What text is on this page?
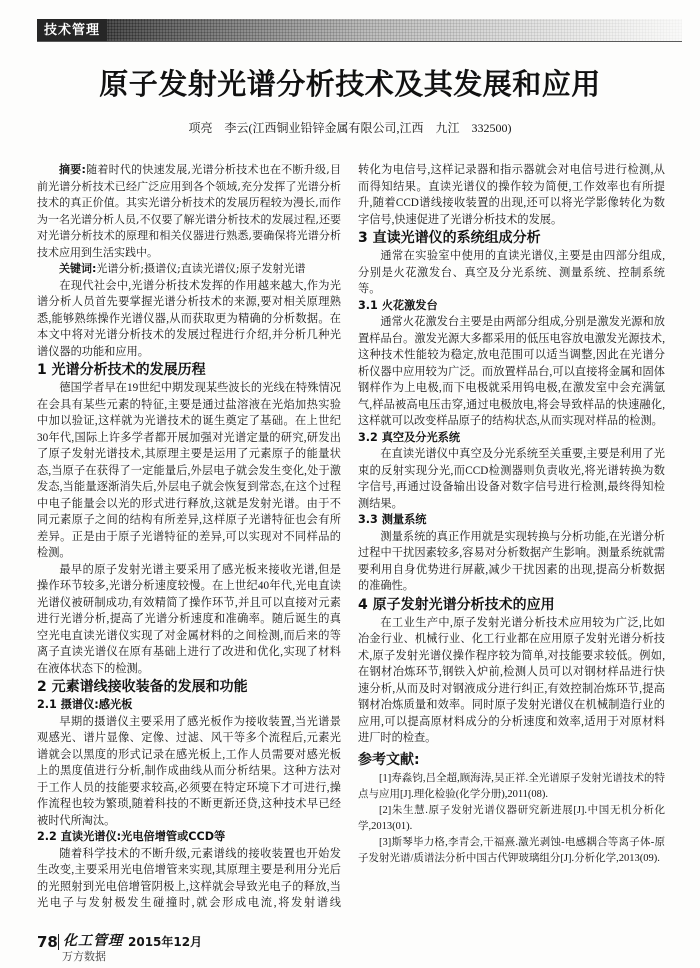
技术管理
原子发射光谱分析技术及其发展和应用
项亮 李云(江西铜业铅锌金属有限公司,江西　九江　332500)

摘要:随着时代的快速发展,光谱分析技术也在不断升级,目前光谱分析技术已经广泛应用到各个领域,充分发挥了光谱分析技术的真正价值。其实光谱分析技术的发展历程较为漫长,而作为一名光谱分析人员,不仅要了解光谱分析技术的发展过程,还要对光谱分析技术的原理和相关仪器进行熟悉,要确保将光谱分析技术应用到生活实践中。

关键词:光谱分析;摄谱仪;直读光谱仪;原子发射光谱

在现代社会中,光谱分析技术发挥的作用越来越大,作为光谱分析人员首先要掌握光谱分析技术的来源,要对相关原理熟悉,能够熟练操作光谱仪器,从而获取更为精确的分析数据。在本文中将对光谱分析技术的发展过程进行介绍,并分析几种光谱仪器的功能和应用。

1 光谱分析技术的发展历程

德国学者早在19世纪中期发现某些波长的光线在特殊情况在会具有某些元素的特征,主要是通过盐溶液在光焰加热实验中加以验证,这样就为光谱技术的诞生奠定了基础。在上世纪30年代,国际上许多学者都开展加强对光谱定量的研究,研发出了原子发射光谱技术,其原理主要是运用了元素原子的能量状态,当原子在获得了一定能量后,外层电子就会发生变化,处于激发态,当能量逐渐消失后,外层电子就会恢复到常态,在这个过程中电子能量会以光的形式进行释放,这就是发射光谱。由于不同元素原子之间的结构有所差异,这样原子光谱特征也会有所差异。正是由于原子光谱特征的差异,可以实现对不同样品的检测。

最早的原子发射光谱主要采用了感光板来接收光谱,但是操作环节较多,光谱分析速度较慢。在上世纪40年代,光电直读光谱仪被研制成功,有效精简了操作环节,并且可以直接对元素进行光谱分析,提高了光谱分析速度和准确率。随后诞生的真空光电直读光谱仪实现了对金属材料的之间检测,而后来的等离子直读光谱仪在原有基础上进行了改进和优化,实现了材料在液体状态下的检测。

2 元素谱线接收装备的发展和功能
2.1 摄谱仪:感光板

早期的摄谱仪主要采用了感光板作为接收装置,当光谱景观感光、谱片显像、定像、过滤、风干等多个流程后,元素光谱就会以黑度的形式记录在感光板上,工作人员需要对感光板上的黑度值进行分析,制作成曲线从而分析结果。这种方法对于工作人员的技能要求较高,必须要在特定环境下才可进行,操作流程也较为繁琐,随着科技的不断更新还贷,这种技术早已经被时代所淘汰。

2.2 直读光谱仪:光电倍增管或CCD等

随着科学技术的不断升级,元素谱线的接收装置也开始发生改变,主要采用光电倍增管来实现,其原理主要是利用分光后的光照射到光电倍增管阴极上,这样就会导致光电子的释放,当光电子与发射极发生碰撞时,就会形成电流,将发射谱线

转化为电信号,这样记录器和指示器就会对电信号进行检测,从而得知结果。直读光谱仪的操作较为简便,工作效率也有所提升,随着CCD谱线接收装置的出现,还可以将光学影像转化为数字信号,快速促进了光谱分析技术的发展。

3 直读光谱仪的系统组成分析

通常在实验室中使用的直读光谱仪,主要是由四部分组成,分别是火花激发台、真空及分光系统、测量系统、控制系统等。

3.1 火花激发台

通常火花激发台主要是由两部分组成,分别是激发光源和放置样品台。激发光源大多都采用的低压电容放电激发光源技术,这种技术性能较为稳定,放电范围可以适当调整,因此在光谱分析仪器中应用较为广泛。而放置样品台,可以直接将金属和固体钢样作为上电极,而下电极就采用钨电极,在激发室中会充满氩气,样品被高电压击穿,通过电极放电,将会导致样品的快速融化,这样就可以改变样品原子的结构状态,从而实现对样品的检测。

3.2 真空及分光系统

在直读光谱仪中真空及分光系统至关重要,主要是利用了光束的反射实现分光,而CCD检测器则负责收光,将光谱转换为数字信号,再通过设备输出设备对数字信号进行检测,最终得知检测结果。

3.3 测量系统

测量系统的真正作用就是实现转换与分析功能,在光谱分析过程中干扰因素较多,容易对分析数据产生影响。测量系统就需要利用自身优势进行屏蔽,减少干扰因素的出现,提高分析数据的准确性。

4 原子发射光谱分析技术的应用

在工业生产中,原子发射光谱分析技术应用较为广泛,比如冶金行业、机械行业、化工行业都在应用原子发射光谱分析技术,原子发射光谱仪操作程序较为简单,对技能要求较低。例如,在钢材冶炼环节,钢铁入炉前,检测人员可以对钢材样品进行快速分析,从而及时对钢液成分进行纠正,有效控制冶炼环节,提高钢材冶炼质量和效率。同时原子发射光谱仪在机械制造行业的应用,可以提高原材料成分的分析速度和效率,适用于对原材料进厂时的检查。

参考文献:

[1]寿淼钧,吕全超,顾海涛,吴正祥.全光谱原子发射光谱技术的特点与应用[J].理化检验(化学分册),2011(08).

[2]朱生慧.原子发射光谱仪器研究新进展[J].中国无机分析化学,2013(01).

[3]斯琴毕力格,李青会,干福熹.激光剥蚀-电感耦合等离子体-原子发射光谱/质谱法分析中国古代钾玻璃组分[J].分析化学,2013(09).

78 化工管理 2015年12月
万方数据
